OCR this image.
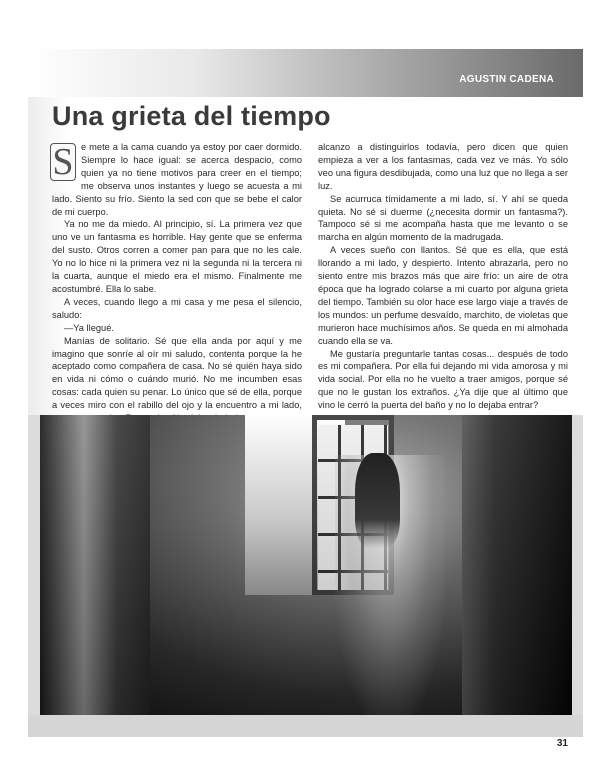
AGUSTIN CADENA
Una grieta del tiempo
S e mete a la cama cuando ya estoy por caer dormido. Siempre lo hace igual: se acerca despacio, como quien ya no tiene motivos para creer en el tiempo; me observa unos instantes y luego se acuesta a mi lado. Siento su frío. Siento la sed con que se bebe el calor de mi cuerpo.

Ya no me da miedo. Al principio, sí. La primera vez que uno ve un fantasma es horrible. Hay gente que se enferma del susto. Otros corren a comer pan para que no les cale. Yo no lo hice ni la primera vez ni la segunda ni la tercera ni la cuarta, aunque el miedo era el mismo. Finalmente me acostumbré. Ella lo sabe.

A veces, cuando llego a mi casa y me pesa el silencio, saludo:

—Ya llegué.

Manías de solitario. Sé que ella anda por aquí y me imagino que sonríe al oír mi saludo, contenta porque la he aceptado como compañera de casa. No sé quién haya sido en vida ni cómo o cuándo murió. No me incumben esas cosas: cada quien su penar. Lo único que sé de ella, porque a veces miro con el rabillo del ojo y la encuentro a mi lado,

alcanzo a distinguirlos todavía, pero dicen que quien empieza a ver a los fantasmas, cada vez ve más. Yo sólo veo una figura desdibujada, como una luz que no llega a ser luz.

Se acurruca tímidamente a mi lado, sí. Y ahí se queda quieta. No sé si duerme (¿necesita dormir un fantasma?). Tampoco sé si me acompaña hasta que me levanto o se marcha en algún momento de la madrugada.

A veces sueño con llantos. Sé que es ella, que está llorando a mi lado, y despierto. Intento abrazarla, pero no siento entre mis brazos más que aire frío: un aire de otra época que ha logrado colarse a mi cuarto por alguna grieta del tiempo. También su olor hace ese largo viaje a través de los mundos: un perfume desvaído, marchito, de violetas que murieron hace muchísimos años. Se queda en mi almohada cuando ella se va.

Me gustaría preguntarle tantas cosas... después de todo es mi compañera. Por ella fui dejando mi vida amorosa y mi vida social. Por ella no he vuelto a traer amigos, porque sé que no le gustan los extraños. ¿Ya dije que al último que vino le cerró la puerta del baño y no lo dejaba entrar?

31
